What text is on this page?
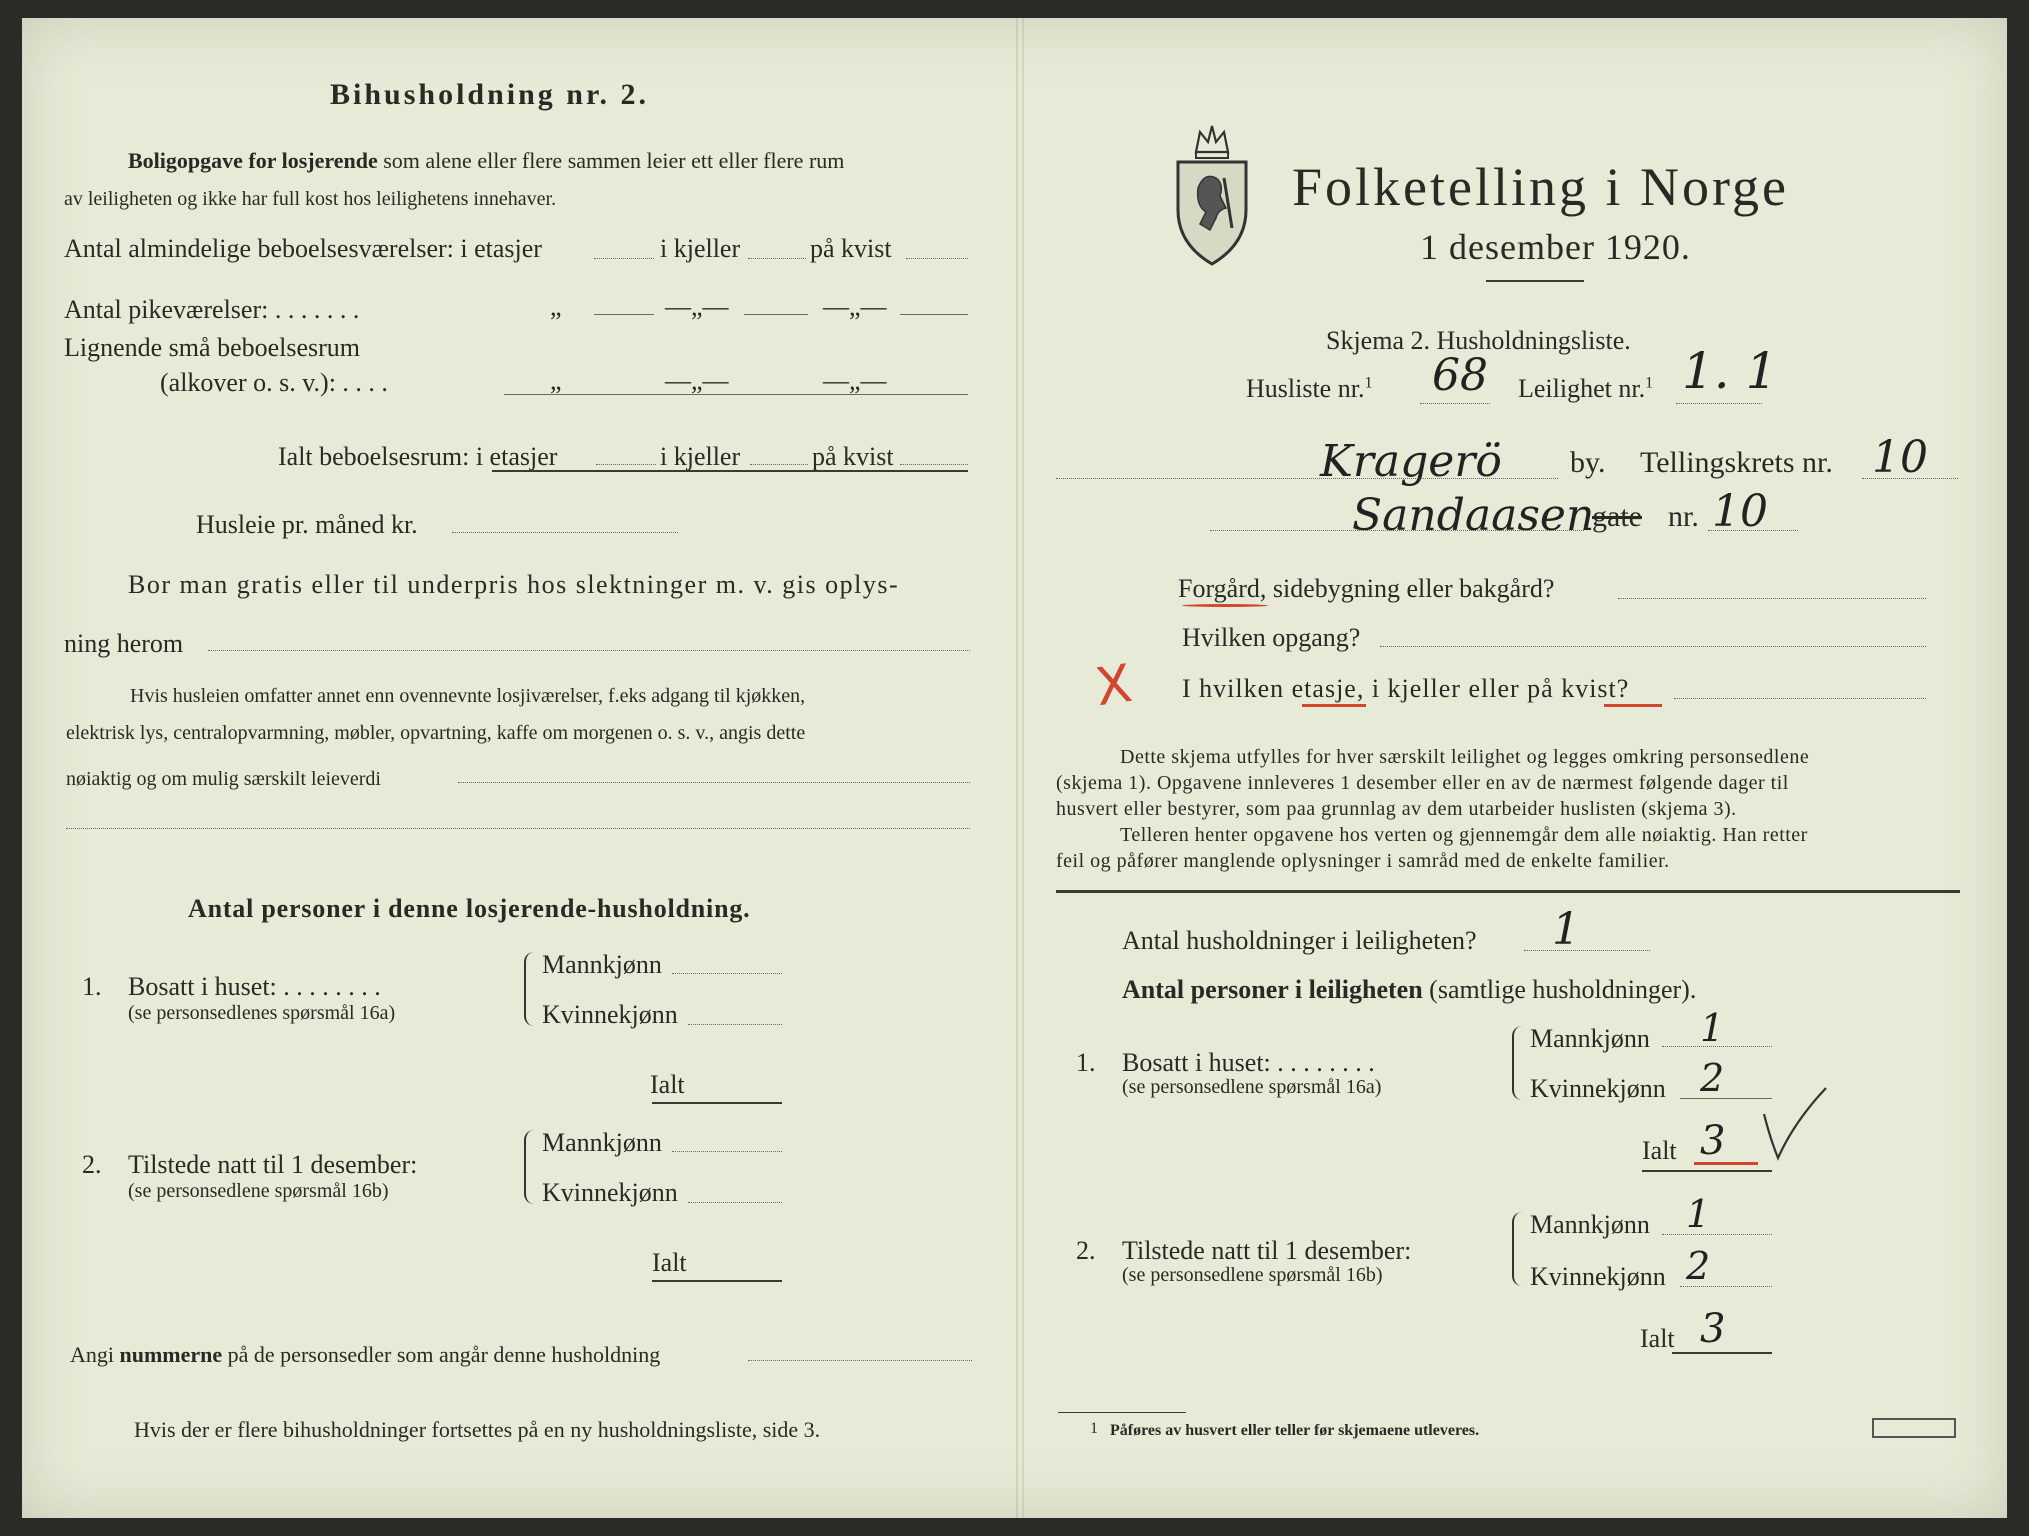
Bihusholdning nr. 2.
Boligopgave for losjerende som alene eller flere sammen leier ett eller flere rum
av leiligheten og ikke har full kost hos leilighetens innehaver.
Antal almindelige beboelsesværelser: i etasjer	i kjeller	på kvist
Antal pikeværelser: . . . . . . .	„	—„—	—„—
Lignende små beboelsesrum
(alkover o. s. v.): . . . .	„	—„—	—„—
Ialt beboelsesrum: i etasjer	i kjeller	på kvist
Husleie pr. måned kr.
Bor man gratis eller til underpris hos slektninger m. v. gis oplys-
ning herom
Hvis husleien omfatter annet enn ovennevnte losjiværelser, f.eks adgang til kjøkken,
elektrisk lys, centralopvarmning, møbler, opvartning, kaffe om morgenen o. s. v., angis dette
nøiaktig og om mulig særskilt leieverdi
Antal personer i denne losjerende-husholdning.
1. Bosatt i huset: . . . . . . . .
(se personsedlenes spørsmål 16a)
Mannkjønn
Kvinnekjønn
Ialt
2. Tilstede natt til 1 desember:
(se personsedlene spørsmål 16b)
Mannkjønn
Kvinnekjønn
Ialt
Angi nummerne på de personsedler som angår denne husholdning
Hvis der er flere bihusholdninger fortsettes på en ny husholdningsliste, side 3.
Folketelling i Norge
1 desember 1920.
Skjema 2. Husholdningsliste.
Husliste nr.$^1$ 68 Leilighet nr.$^1$ 1. 1
Kragerö by. Tellingskrets nr. 10
Sandaasen
gate nr. 10
Forgård, sidebygning eller bakgård?
Hvilken opgang?
X I hvilken etasje, i kjeller eller på kvist?
Dette skjema utfylles for hver særskilt leilighet og legges omkring personsedlene
(skjema 1). Opgavene innleveres 1 desember eller en av de nærmest følgende dager til
husvert eller bestyrer, som paa grunnlag av dem utarbeider huslisten (skjema 3).
Telleren henter opgavene hos verten og gjennemgår dem alle nøiaktig. Han retter
feil og påfører manglende oplysninger i samråd med de enkelte familier.
Antal husholdninger i leiligheten? 1
Antal personer i leiligheten (samtlige husholdninger).
1. Bosatt i huset: . . . . . . . .
(se personsedlene spørsmål 16a)
Mannkjønn 1
Kvinnekjønn 2
Ialt 3
2. Tilstede natt til 1 desember:
(se personsedlene spørsmål 16b)
Mannkjønn 1
Kvinnekjønn 2
Ialt 3
1 Påføres av husvert eller teller før skjemaene utleveres.
